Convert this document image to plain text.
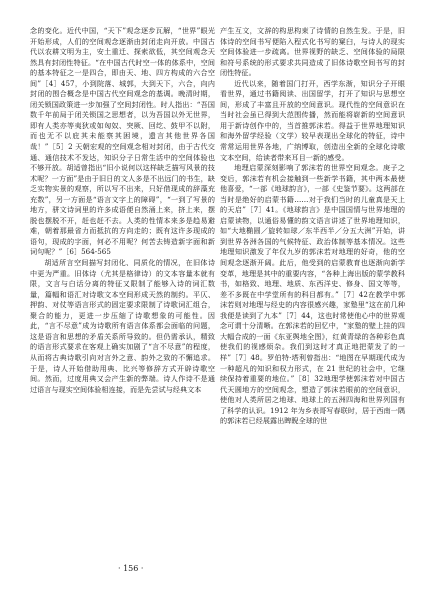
念的变化。近代中国，“天下”观念逐步瓦解，“世界”眼光开始形成，人们的空间观念逐渐由封闭走向开放。中国古代以农耕文明为主，安土重迁、探索欲低，其空间观念天然具有封闭性特征。“在中国古代时空一体的体系中，空间的基本特征之一是四合，即由天、地、四方构成的六合空间”［4］457，小到院落、城郭，大到天下，六合，向内封闭的围合概念是中国古代空间观念的基调。晚清时期，闭关锁国政策进一步加强了空间封闭性。时人指出：“吾国数千年前局于闭关锁国之思想者，以为吾国以外无世界，即有人类亦等夷狄或如匈奴、突厥、回纥、鼓甲不以附，而也无不以庇其未能察其困境，遗言其他世界各国哉！”［5］2 天朝宏观的空间观念相对封闭，由于古代交通、通信技术不发达，知识分子日常生活中的空间体验也不够开放。胡适曾指出“旧小说何以这样缺乏描写风景的技术呢？一方面”是由于旧日的文人多是不出远门的书生，缺乏实物实景的观察，所以写不出来，只好借现成的辞藻充充数”，另一方面是“语言文字上的障碍”，“一到了写景的地方，骈文诗词里的许多成语便自然涌上来，挤上来，摆脱也摆脱不开，赶也赶不去。人类的性情本来多是趋易避难，朝着那最省力而抵抗的方向走的；既有这许多现成的语句，现成的字面，何必不用呢？何苦去铸造新字面和新词句呢？”［6］564-565

胡适所言空间描写封闭化、同质化的情况，在旧体诗中更为严重。旧体诗（尤其是格律诗）的文本容量本就有限，文言与白话分离的特征又限制了能够入诗的词汇数量，篇幅和语汇对诗歌文本空间形成天然的制约。平仄、押韵、对仗等语言形式的固定要求限制了诗歌词汇组合，聚合的能力，更进一步压缩了诗歌想象的可能性。因此，“言不尽意”成为诗歌所有语言体系都会面临的问题，这是语言和思想的矛盾关系所导致的。但仍需承认，精致的语言形式要求在客观上确实加剧了“言不尽意”的程度，从而将古典诗歌引向对言外之意、韵外之致的不懈追求。于是，诗人开始借助用典、比兴等修辞方式开辟诗歌空间。然而，过度用典又会产生新的弊端。诗人作诗不是通过语言与现实空间体验相连接，而是先尝试与经典文本

产生互文，文辞的构思构束了诗情的自然生发。于是，旧体诗的空间书写便陷入程式化书写的窠臼，与诗人的现实空间体验进一步疏离。世界视野的缺乏、空间体验的局限和符号系统的形式要求共同造成了旧体诗歌空间书写的封闭性特征。

近代以来，随着国门打开，西学东渐，知识分子开眼看世界，通过书籍阅读、出国留学，打开了知识与思想空间，形成了丰富且开放的空间意识。现代性的空间意识在当时社会虽已得到大范围传播，然而能将崭新的空间意识用于新诗创作中的，当首推郭沫若。得益于世界地理知识和海外留学经验（文学）较早表现出全球化的特征，诗中常常运用世界各地，广纳博取，创造出全新的全球化诗歌文本空间，给读者带来耳目一新的感受。

地理启蒙深刻影响了郭沫若的世界空间观念。庚子之变后，郭沫若有机会接触到一些新学书籍，其中两本最使他喜爱，“一部《地球韵言》，一部《史鉴节要》。这两部在当时是绝好的启蒙书籍……对于我们当时的儿童真是天上的天启”［7］41。《地球韵言》是中国国情与世界地理的启蒙读物，以通俗易懂的韵文语言讲述了世界地理知识，如“大地椭圆／旋转如球／东半西半／分五大洲”开始，讲到世界各洲各国的气候特征、政治体制等基本情况。这些地理知识激发了年仅九岁的郭沫若对地理的好奇，他的空间观念逐渐开阔。此后，他受到的启蒙教育也逐渐向新学变革，地理是其中的重要内容，“各种上海出版的蒙学教科书，如格致、地理、地质、东西洋史、修身、国文等等，差不多既在中学堂所有的科目都有。”［7］42在教学中郭沫若则对地理与经史的内容很感兴趣，家塾里“这在前几种我便是读到了九本”［7］44，这也时常使他心中的世界观念可谓十分清晰。在郭沫若的回忆中，“家塾的壁上挂的四大幅合成的一面《东亚舆地全图》，红黄青绿的各种彩色真使我们的视感烦杂。我们到这时才真正地把蒙发了的一样”［7］48。罗伯特·塔利曾指出：“地图在早期现代成为一种超凡的知识和权力形式，在 21 世纪的社会中，它继续保持着重要的地位。”［8］32地理学使郭沫若对中国古代天圆地方的空间观念，塑造了郭沫若眼前的空间意识，使他对人类所居之地球、地球上的五洲四海和世界列国有了科学的认识。1912 年为乡表哥写春联时，居于西南一隅的郭沫若已经展露出睥睨全球的世

· 156 ·
